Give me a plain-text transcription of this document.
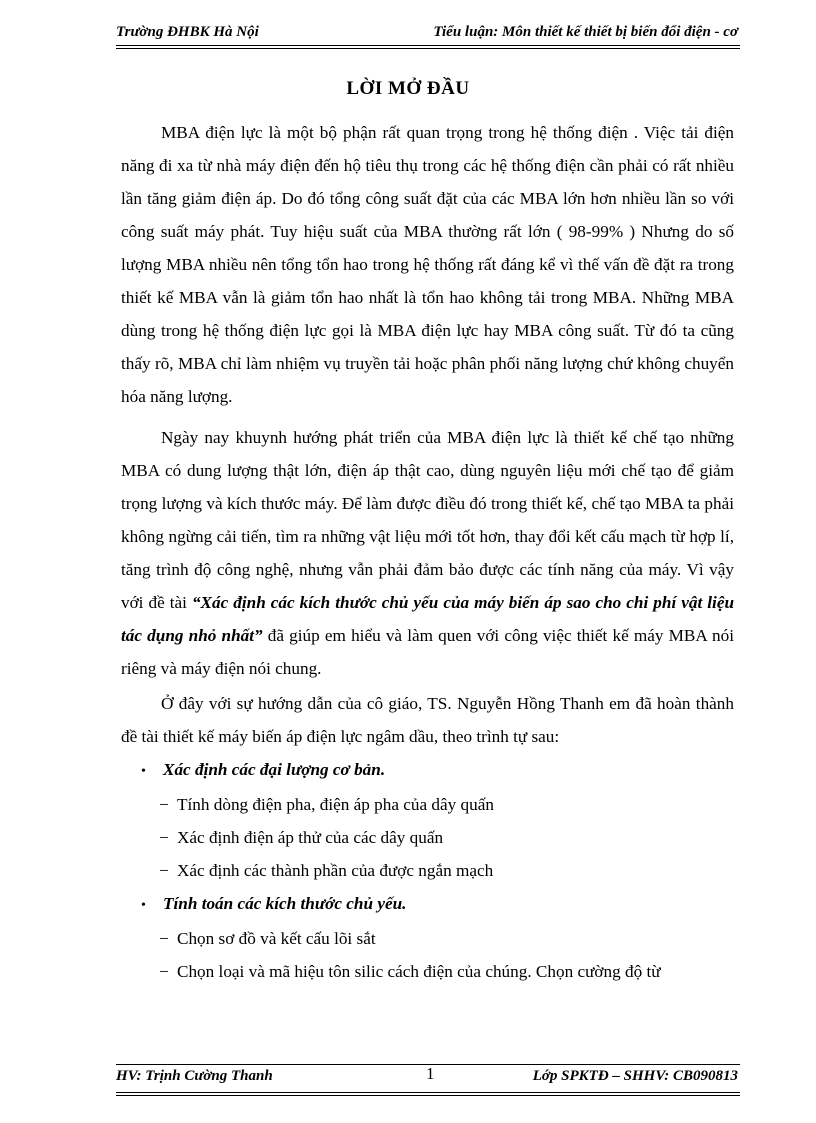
Trường ĐHBK Hà Nội	Tiểu luận: Môn thiết kế thiết bị biến đổi điện - cơ
LỜI MỞ ĐẦU

MBA điện lực là một bộ phận rất quan trọng trong hệ thống điện . Việc tải điện năng đi xa từ nhà máy điện đến hộ tiêu thụ trong các hệ thống điện cần phải có rất nhiều lần tăng giảm điện áp. Do đó tổng công suất đặt của các MBA lớn hơn nhiều lần so với công suất máy phát. Tuy hiệu suất của MBA thường rất lớn ( 98-99% ) Nhưng do số lượng MBA nhiều nên tổng tổn hao trong hệ thống rất đáng kể vì thế vấn đề đặt ra trong thiết kế MBA vẫn là giảm tổn hao nhất là tổn hao không tải trong MBA. Những MBA dùng trong hệ thống điện lực gọi là MBA điện lực hay MBA công suất. Từ đó ta cũng thấy rõ, MBA chỉ làm nhiệm vụ truyền tải hoặc phân phối năng lượng chứ không chuyển hóa năng lượng.

Ngày nay khuynh hướng phát triển của MBA điện lực là thiết kế chế tạo những MBA có dung lượng thật lớn, điện áp thật cao, dùng nguyên liệu mới chế tạo để giảm trọng lượng và kích thước máy. Để làm được điều đó trong thiết kế, chế tạo MBA ta phải không ngừng cải tiến, tìm ra những vật liệu mới tốt hơn, thay đổi kết cấu mạch từ hợp lí, tăng trình độ công nghệ, nhưng vẫn phải đảm bảo được các tính năng của máy. Vì vậy với đề tài “Xác định các kích thước chủ yếu của máy biến áp sao cho chi phí vật liệu tác dụng nhỏ nhất” đã giúp em hiểu và làm quen với công việc thiết kế máy MBA nói riêng và máy điện nói chung.

Ở đây với sự hướng dẫn của cô giáo, TS. Nguyễn Hồng Thanh em đã hoàn thành đề tài thiết kế máy biến áp điện lực ngâm dầu, theo trình tự sau:

• Xác định các đại lượng cơ bản.
− Tính dòng điện pha, điện áp pha của dây quấn
− Xác định điện áp thử của các dây quấn
− Xác định các thành phần của được ngắn mạch
• Tính toán các kích thước chủ yếu.
− Chọn sơ đồ và kết cấu lõi sắt
− Chọn loại và mã hiệu tôn silic cách điện của chúng. Chọn cường độ từ
HV: Trịnh Cường Thanh	1	Lớp SPKTĐ – SHHV: CB090813
